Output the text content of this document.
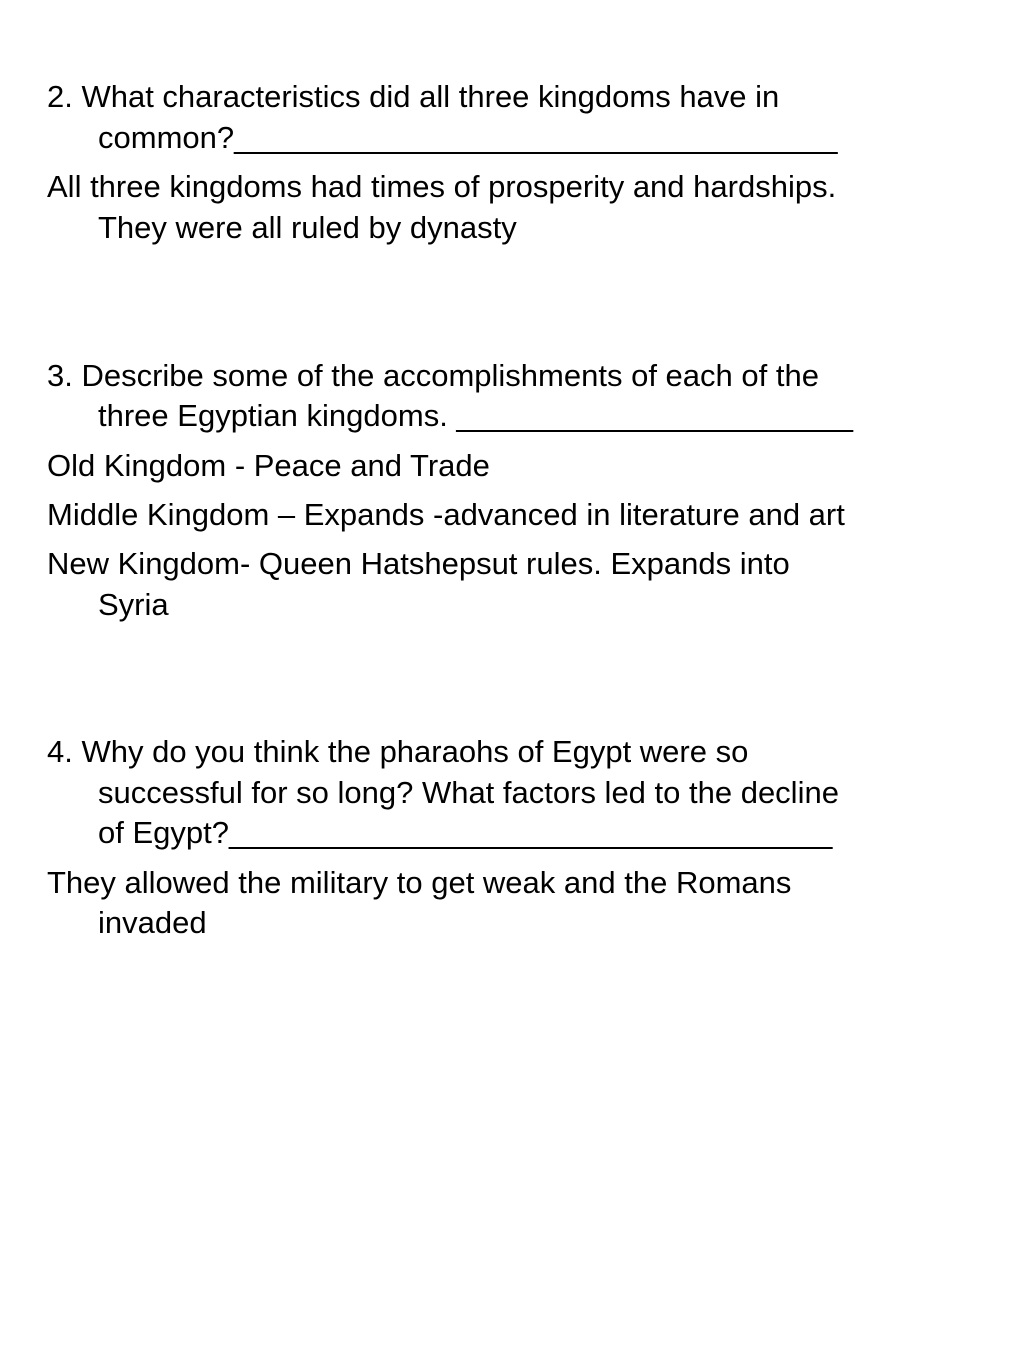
2. What characteristics did all three kingdoms have in

common?___________________________________

All three kingdoms had times of prosperity and hardships.

They were all ruled by dynasty

3. Describe some of the accomplishments of each of the

three Egyptian kingdoms. _______________________

Old Kingdom - Peace and Trade

Middle Kingdom – Expands -advanced in literature and art

New Kingdom- Queen Hatshepsut rules. Expands into

Syria

4. Why do you think the pharaohs of Egypt were so

successful for so long? What factors led to the decline

of Egypt?___________________________________

They allowed the military to get weak and the Romans

invaded
